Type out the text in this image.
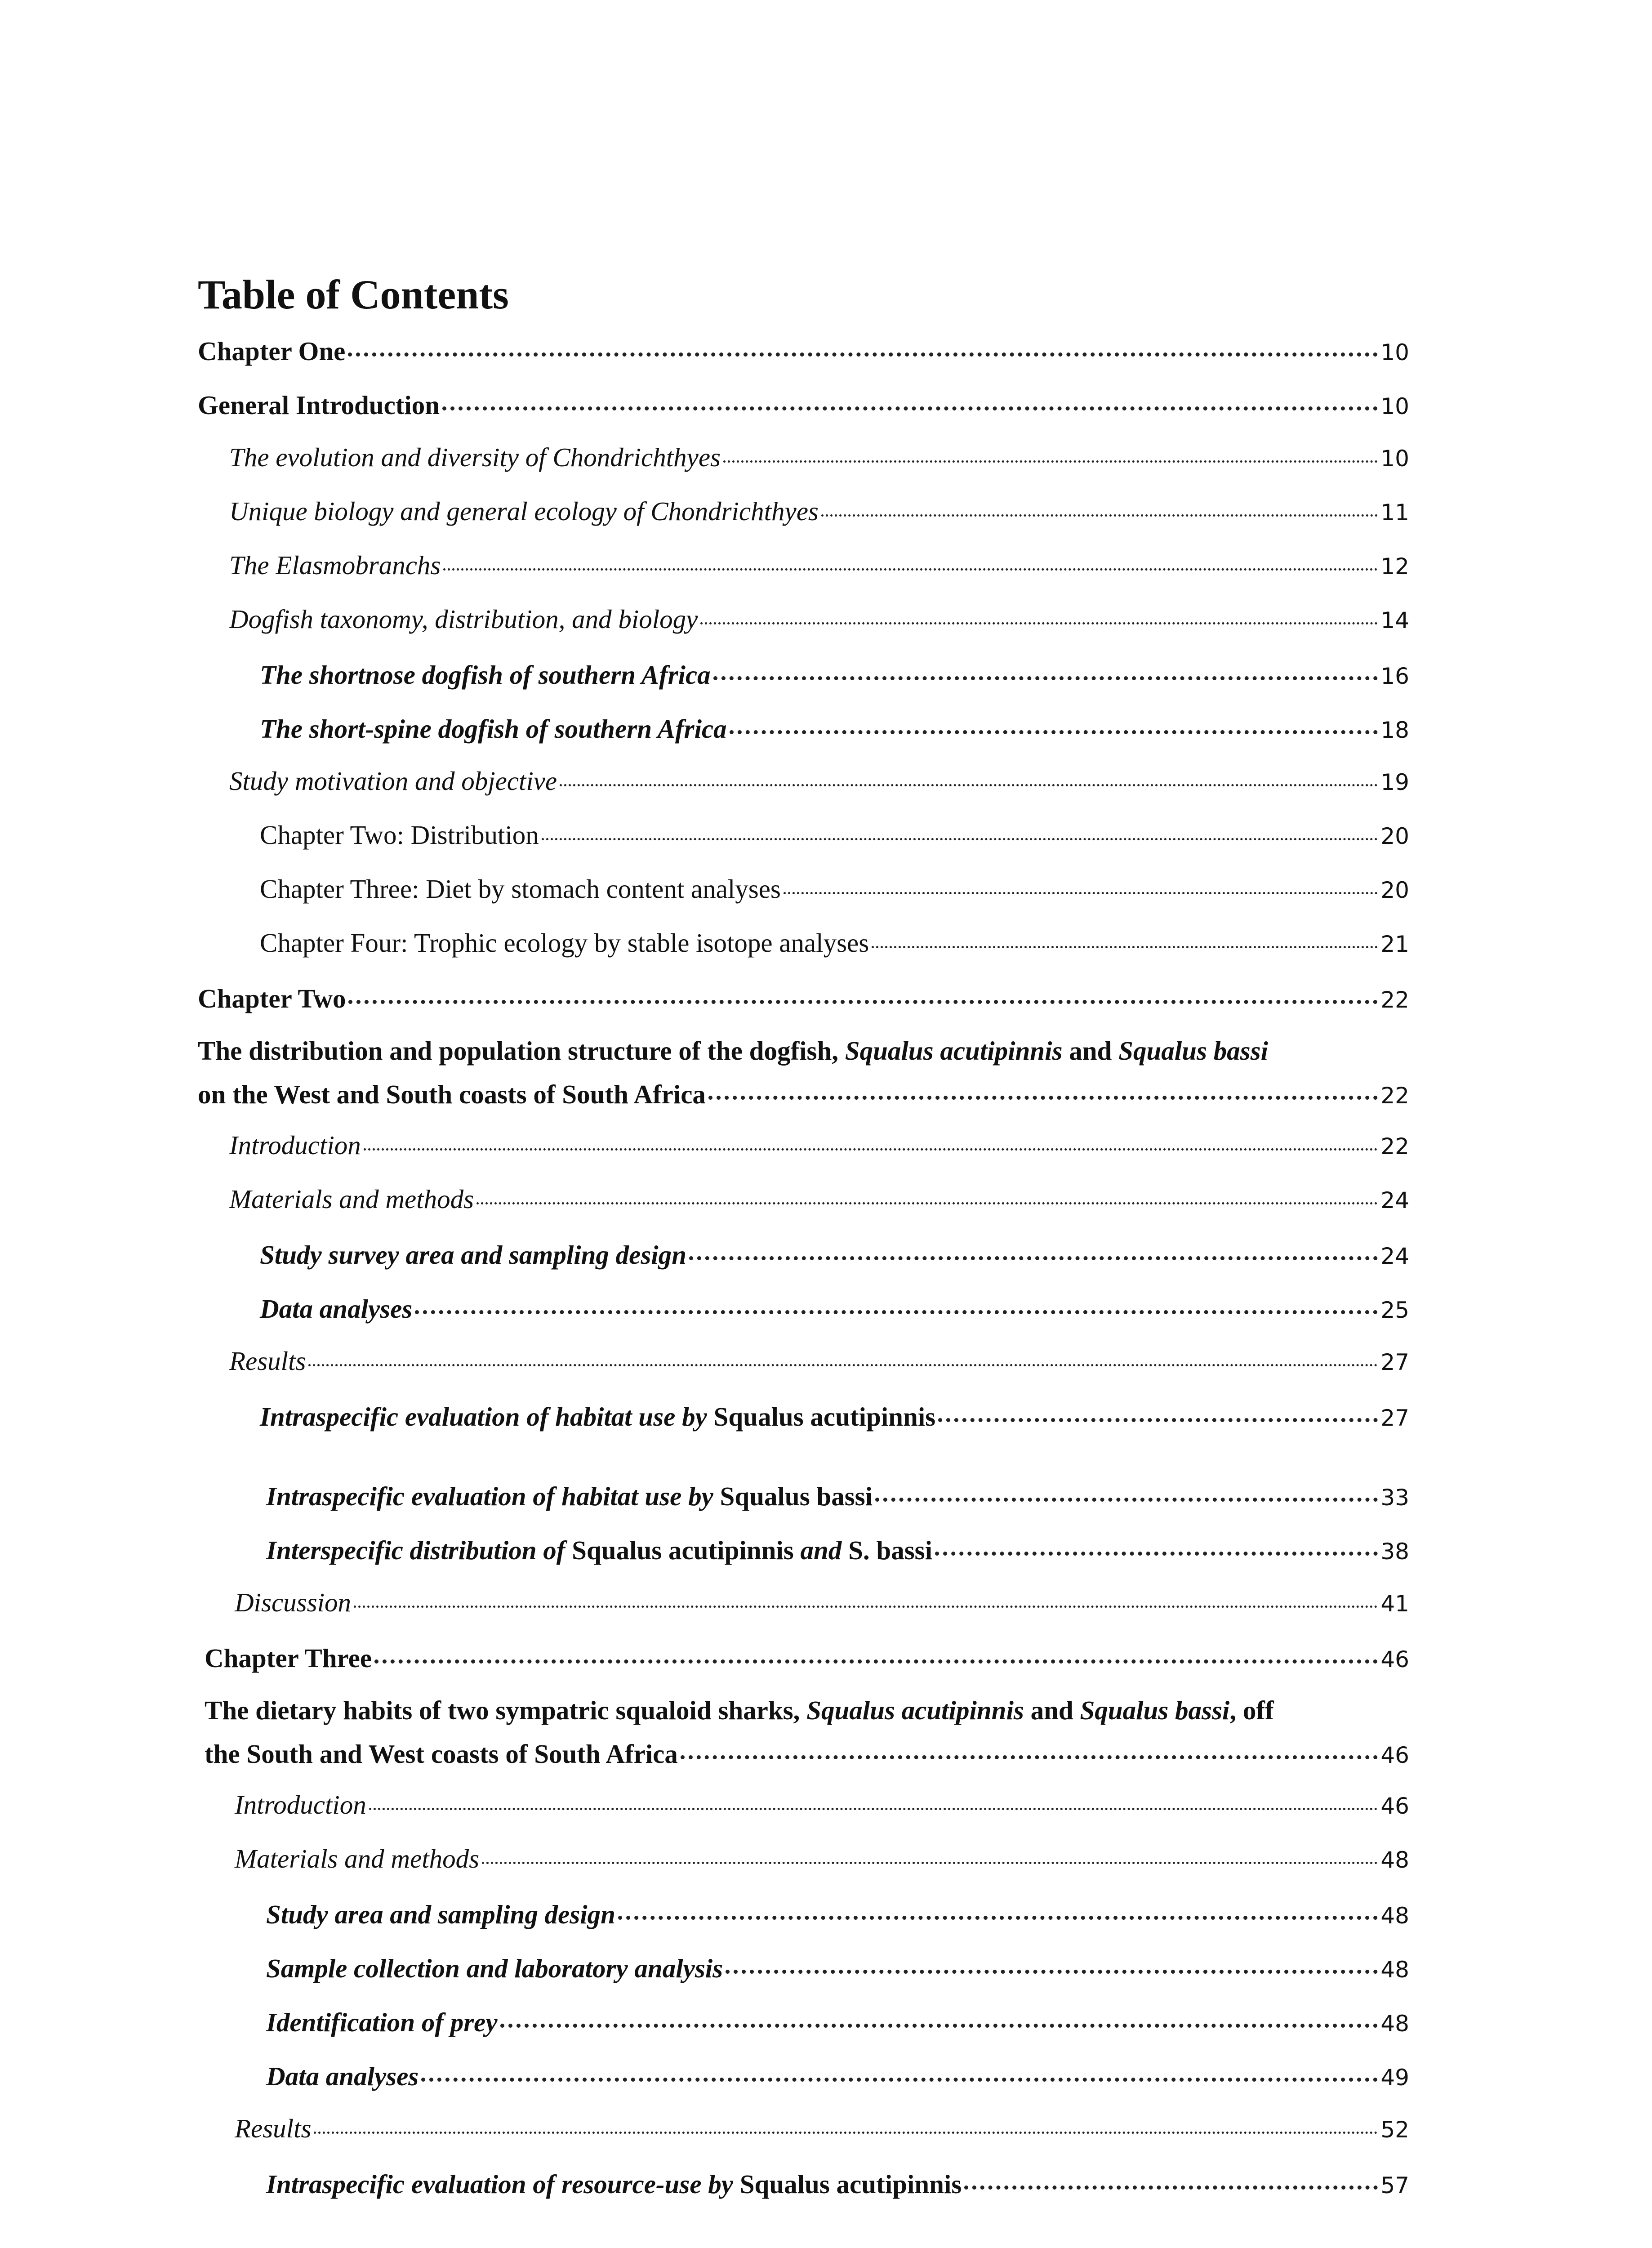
Table of Contents
Chapter One	10
General Introduction	10
The evolution and diversity of Chondrichthyes	10
Unique biology and general ecology of Chondrichthyes	11
The Elasmobranchs	12
Dogfish taxonomy, distribution, and biology	14
The shortnose dogfish of southern Africa	16
The short-spine dogfish of southern Africa	18
Study motivation and objective	19
Chapter Two: Distribution	20
Chapter Three: Diet by stomach content analyses	20
Chapter Four: Trophic ecology by stable isotope analyses	21
Chapter Two	22
The distribution and population structure of the dogfish, Squalus acutipinnis and Squalus bassi
on the West and South coasts of South Africa	22
Introduction	22
Materials and methods	24
Study survey area and sampling design	24
Data analyses	25
Results	27
Intraspecific evaluation of habitat use by Squalus acutipinnis	27
Intraspecific evaluation of habitat use by Squalus bassi	33
Interspecific distribution of Squalus acutipinnis and S. bassi	38
Discussion	41
Chapter Three	46
The dietary habits of two sympatric squaloid sharks, Squalus acutipinnis and Squalus bassi, off
the South and West coasts of South Africa	46
Introduction	46
Materials and methods	48
Study area and sampling design	48
Sample collection and laboratory analysis	48
Identification of prey	48
Data analyses	49
Results	52
Intraspecific evaluation of resource-use by Squalus acutipinnis	57
